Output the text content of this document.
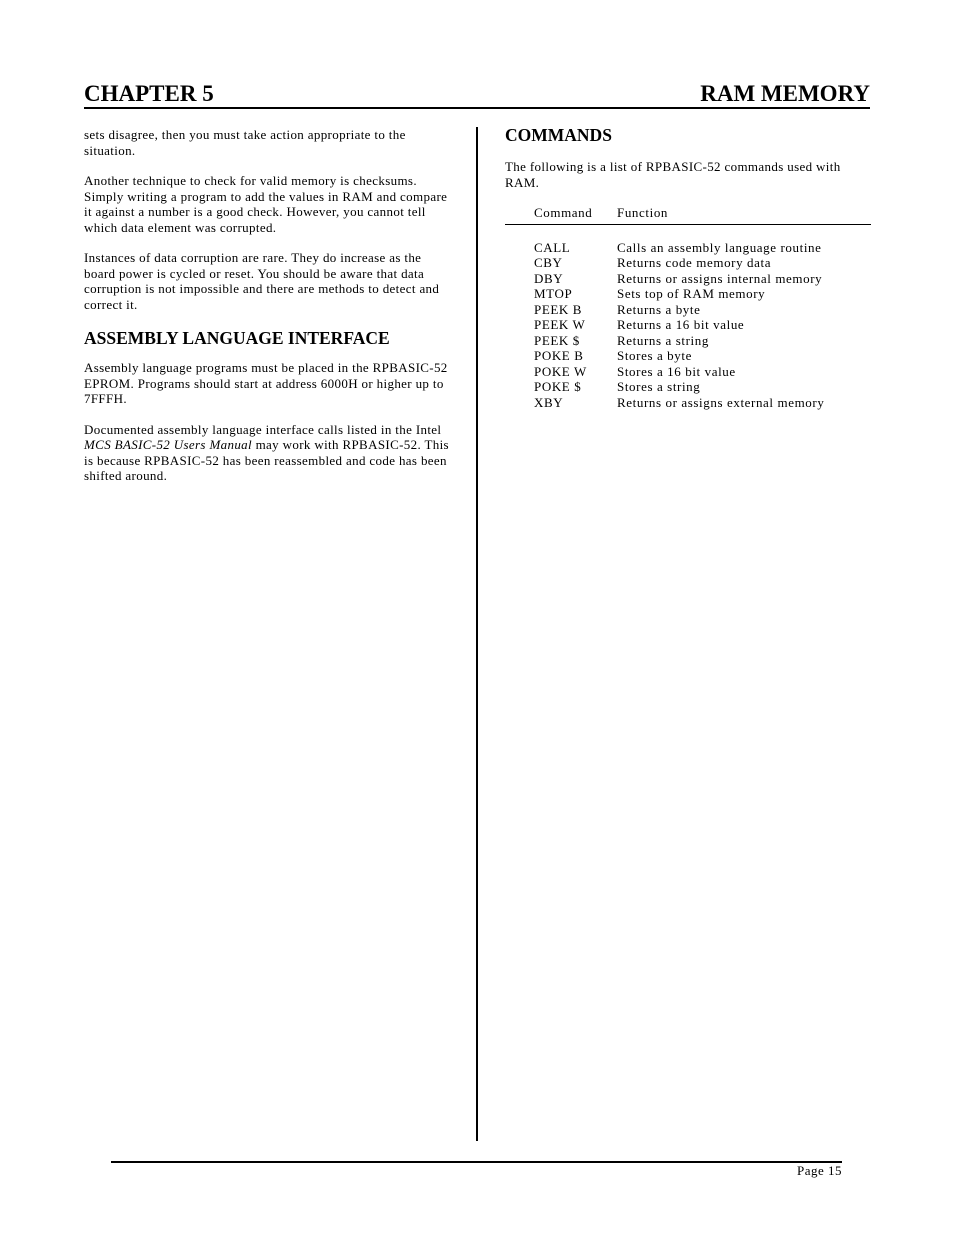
CHAPTER 5	RAM MEMORY

sets disagree, then you must take action appropriate to the situation.

Another technique to check for valid memory is checksums. Simply writing a program to add the values in RAM and compare it against a number is a good check. However, you cannot tell which data element was corrupted.

Instances of data corruption are rare. They do increase as the board power is cycled or reset. You should be aware that data corruption is not impossible and there are methods to detect and correct it.

ASSEMBLY LANGUAGE INTERFACE

Assembly language programs must be placed in the RPBASIC-52 EPROM. Programs should start at address 6000H or higher up to 7FFFH.

Documented assembly language interface calls listed in the Intel MCS BASIC-52 Users Manual may work with RPBASIC-52. This is because RPBASIC-52 has been reassembled and code has been shifted around.

COMMANDS

The following is a list of RPBASIC-52 commands used with RAM.

Command	Function

CALL	Calls an assembly language routine
CBY	Returns code memory data
DBY	Returns or assigns internal memory
MTOP	Sets top of RAM memory
PEEK B	Returns a byte
PEEK W	Returns a 16 bit value
PEEK $	Returns a string
POKE B	Stores a byte
POKE W	Stores a 16 bit value
POKE $	Stores a string
XBY	Returns or assigns external memory
Page 15
